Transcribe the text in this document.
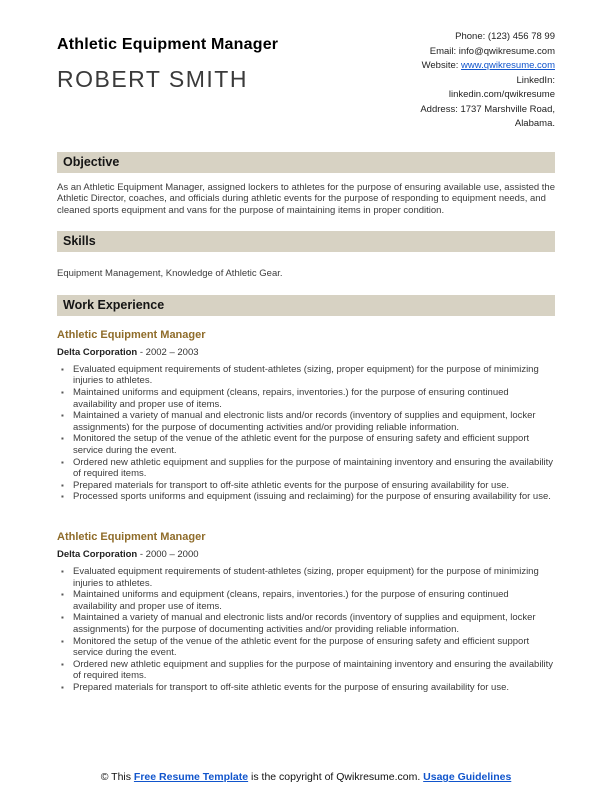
Athletic Equipment Manager
ROBERT SMITH
Phone: (123) 456 78 99
Email: info@qwikresume.com
Website: www.qwikresume.com
LinkedIn:
linkedin.com/qwikresume
Address: 1737 Marshville Road,
Alabama.
Objective

As an Athletic Equipment Manager, assigned lockers to athletes for the purpose of ensuring available use, assisted the Athletic Director, coaches, and officials during athletic events for the purpose of responding to equipment needs, and cleaned sports equipment and vans for the purpose of maintaining items in proper condition.

Skills

Equipment Management, Knowledge of Athletic Gear.

Work Experience
Athletic Equipment Manager
Delta Corporation - 2002 – 2003
▪ Evaluated equipment requirements of student-athletes (sizing, proper equipment) for the purpose of minimizing injuries to athletes.
▪ Maintained uniforms and equipment (cleans, repairs, inventories.) for the purpose of ensuring continued availability and proper use of items.
▪ Maintained a variety of manual and electronic lists and/or records (inventory of supplies and equipment, locker assignments) for the purpose of documenting activities and/or providing reliable information.
▪ Monitored the setup of the venue of the athletic event for the purpose of ensuring safety and efficient support service during the event.
▪ Ordered new athletic equipment and supplies for the purpose of maintaining inventory and ensuring the availability of required items.
▪ Prepared materials for transport to off-site athletic events for the purpose of ensuring availability for use.
▪ Processed sports uniforms and equipment (issuing and reclaiming) for the purpose of ensuring availability for use.
Athletic Equipment Manager
Delta Corporation - 2000 – 2000
▪ Evaluated equipment requirements of student-athletes (sizing, proper equipment) for the purpose of minimizing injuries to athletes.
▪ Maintained uniforms and equipment (cleans, repairs, inventories.) for the purpose of ensuring continued availability and proper use of items.
▪ Maintained a variety of manual and electronic lists and/or records (inventory of supplies and equipment, locker assignments) for the purpose of documenting activities and/or providing reliable information.
▪ Monitored the setup of the venue of the athletic event for the purpose of ensuring safety and efficient support service during the event.
▪ Ordered new athletic equipment and supplies for the purpose of maintaining inventory and ensuring the availability of required items.
▪ Prepared materials for transport to off-site athletic events for the purpose of ensuring availability for use.
© This Free Resume Template is the copyright of Qwikresume.com. Usage Guidelines
